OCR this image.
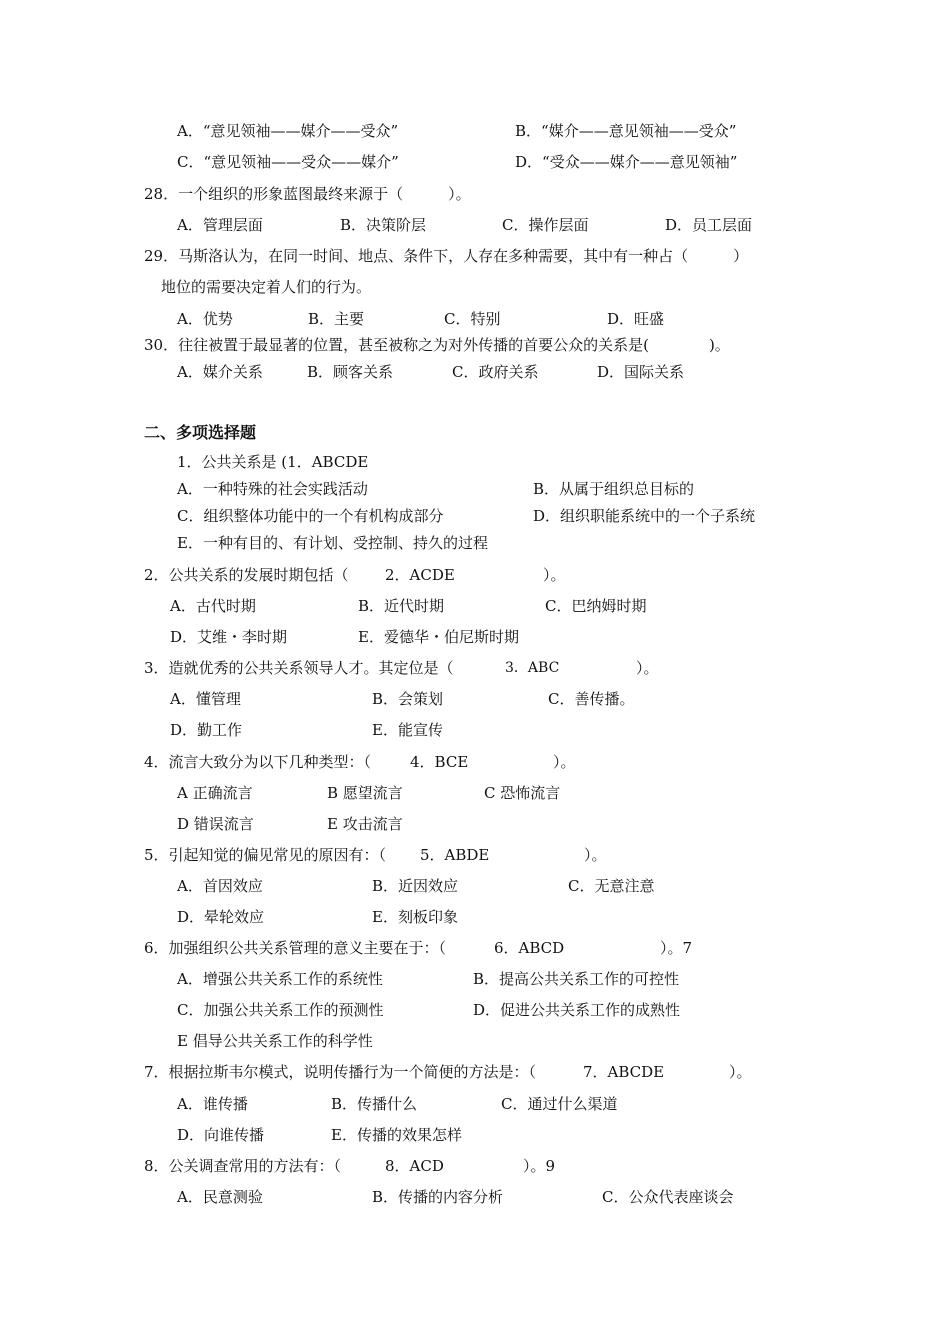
A．“意见领袖——媒介——受众”	B．“媒介——意见领袖——受众”
C．“意见领袖——受众——媒介”	D．“受众——媒介——意见领袖”
28．一个组织的形象蓝图最终来源于（　　　）。
A．管理层面	B．决策阶层	C．操作层面	D．员工层面
29．马斯洛认为，在同一时间、地点、条件下，人存在多种需要，其中有一种占（　　　）
地位的需要决定着人们的行为。
A．优势	B．主要	C．特别	D．旺盛
30．往往被置于最显著的位置，甚至被称之为对外传播的首要公众的关系是(　　　　)。
A．媒介关系	B．顾客关系	C．政府关系	D．国际关系
二、多项选择题
1．公共关系是 (1．ABCDE
A．一种特殊的社会实践活动	B．从属于组织总目标的
C．组织整体功能中的一个有机构成部分	D．组织职能系统中的一个子系统
E．一种有目的、有计划、受控制、持久的过程
2．公共关系的发展时期包括（ 2．ACDE	）。
A．古代时期	B．近代时期	C．巴纳姆时期
D．艾维・李时期	E．爱德华・伯尼斯时期
3．造就优秀的公共关系领导人才。其定位是（	3．ABC	）。
A．懂管理	B．会策划	C．善传播。
D．勤工作	E．能宣传
4．流言大致分为以下几种类型：（	4．BCE	）。
A 正确流言	B 愿望流言	C 恐怖流言
D 错误流言	E 攻击流言
5．引起知觉的偏见常见的原因有：（ 5．ABDE	）。
A．首因效应	B．近因效应	C．无意注意
D．晕轮效应	E．刻板印象
6．加强组织公共关系管理的意义主要在于：（	6．ABCD	）。7
A．增强公共关系工作的系统性	B．提高公共关系工作的可控性
C．加强公共关系工作的预测性	D．促进公共关系工作的成熟性
E 倡导公共关系工作的科学性
7．根据拉斯韦尔模式，说明传播行为一个简便的方法是：（	7．ABCDE	）。
A．谁传播	B．传播什么	C．通过什么渠道
D．向谁传播	E．传播的效果怎样
8．公关调查常用的方法有：（	8．ACD	）。9
A．民意测验	B．传播的内容分析	C．公众代表座谈会
